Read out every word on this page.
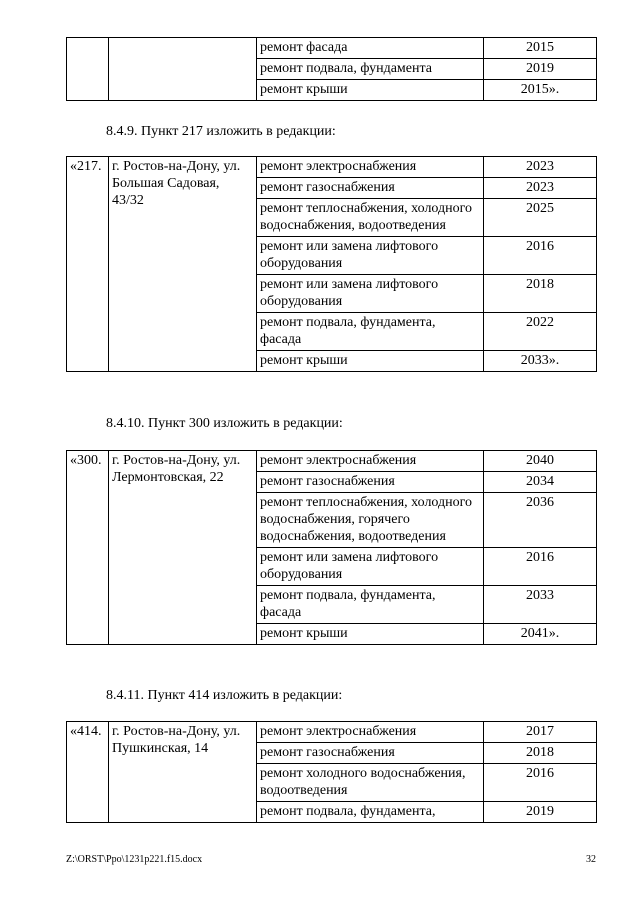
		ремонт фасада	2015
		ремонт подвала, фундамента	2019
		ремонт крыши	2015».
8.4.9. Пункт 217 изложить в редакции:
«217.	г. Ростов-на-Дону, ул. Большая Садовая, 43/32	ремонт электроснабжения	2023
		ремонт газоснабжения	2023
		ремонт теплоснабжения, холодного водоснабжения, водоотведения	2025
		ремонт или замена лифтового оборудования	2016
		ремонт или замена лифтового оборудования	2018
		ремонт подвала, фундамента, фасада	2022
		ремонт крыши	2033».
8.4.10. Пункт 300 изложить в редакции:
«300.	г. Ростов-на-Дону, ул. Лермонтовская, 22	ремонт электроснабжения	2040
		ремонт газоснабжения	2034
		ремонт теплоснабжения, холодного водоснабжения, горячего водоснабжения, водоотведения	2036
		ремонт или замена лифтового оборудования	2016
		ремонт подвала, фундамента, фасада	2033
		ремонт крыши	2041».
8.4.11. Пункт 414 изложить в редакции:
«414.	г. Ростов-на-Дону, ул. Пушкинская, 14	ремонт электроснабжения	2017
		ремонт газоснабжения	2018
		ремонт холодного водоснабжения, водоотведения	2016
		ремонт подвала, фундамента,	2019
Z:\ORST\Ppo\1231p221.f15.docx	32
